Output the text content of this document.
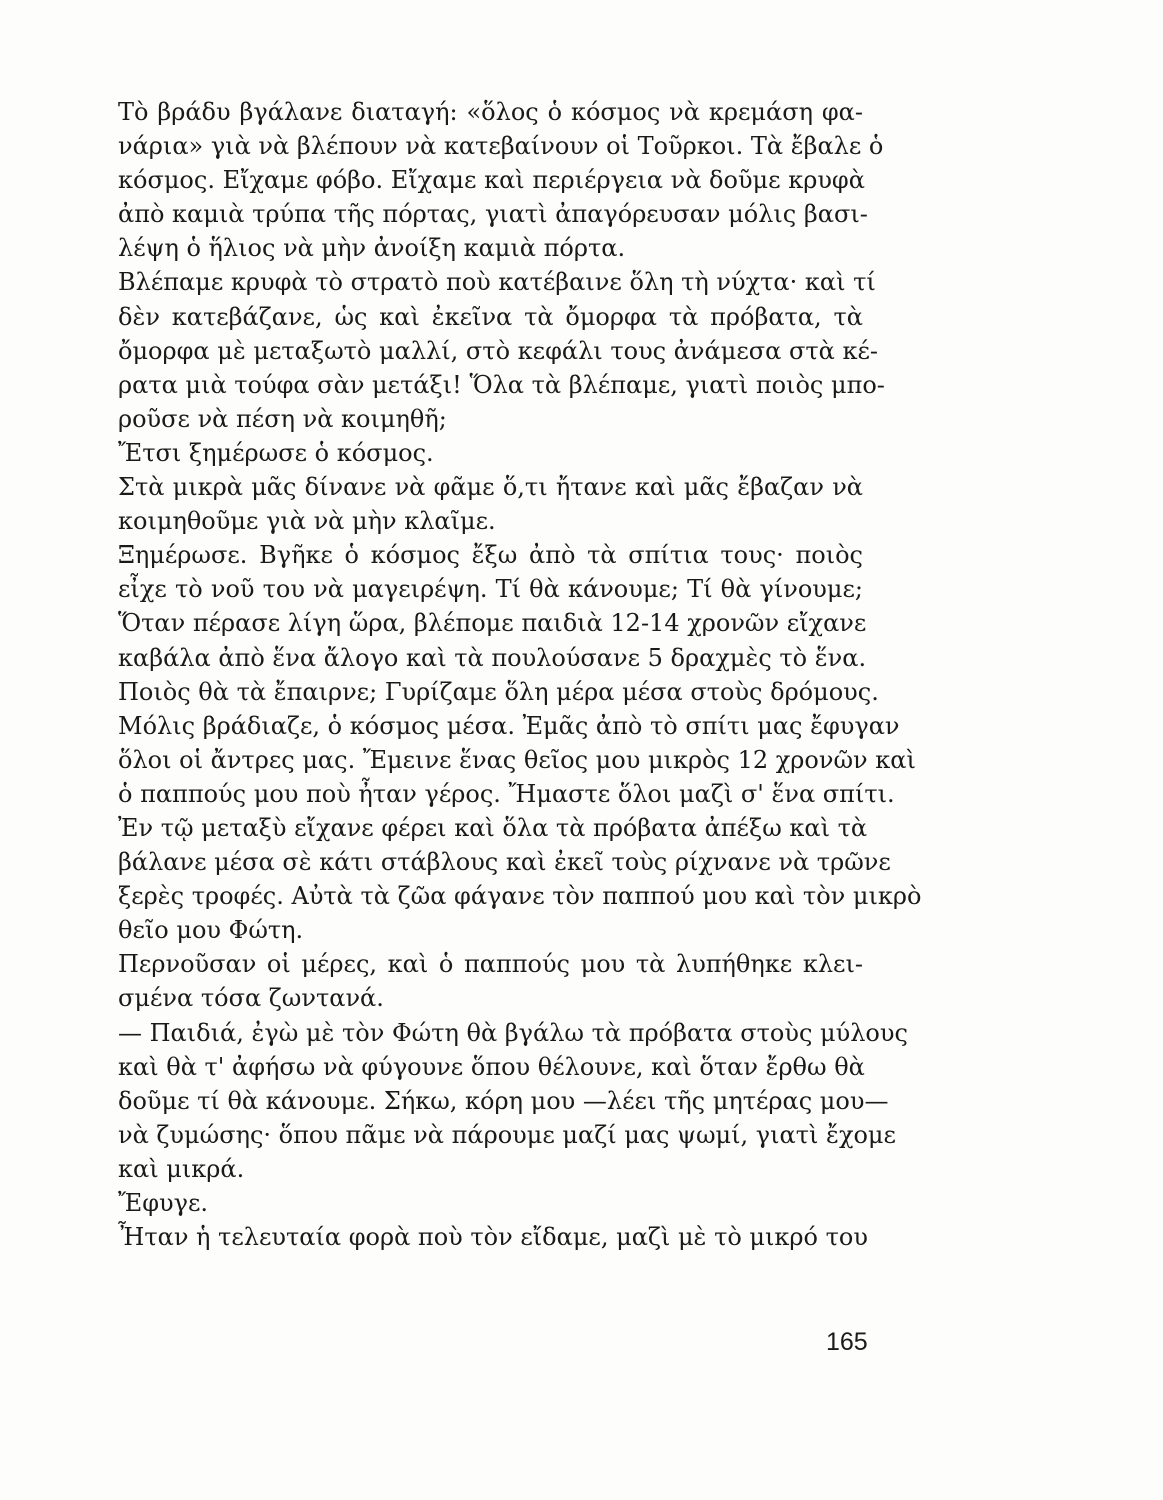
Τὸ βράδυ βγάλανε διαταγή: «ὅλος ὁ κόσμος νὰ κρεμάση φα-
νάρια» γιὰ νὰ βλέπουν νὰ κατεβαίνουν οἱ Τοῦρκοι. Τὰ ἔβαλε ὁ
κόσμος. Εἴχαμε φόβο. Εἴχαμε καὶ περιέργεια νὰ δοῦμε κρυφὰ
ἀπὸ καμιὰ τρύπα τῆς πόρτας, γιατὶ ἀπαγόρευσαν μόλις βασι-
λέψη ὁ ἥλιος νὰ μὴν ἀνοίξη καμιὰ πόρτα.
Βλέπαμε κρυφὰ τὸ στρατὸ ποὺ κατέβαινε ὅλη τὴ νύχτα· καὶ τί
δὲν κατεβάζανε, ὡς καὶ ἐκεῖνα τὰ ὄμορφα τὰ πρόβατα, τὰ
ὄμορφα μὲ μεταξωτὸ μαλλί, στὸ κεφάλι τους ἀνάμεσα στὰ κέ-
ρατα μιὰ τούφα σὰν μετάξι! Ὅλα τὰ βλέπαμε, γιατὶ ποιὸς μπο-
ροῦσε νὰ πέση νὰ κοιμηθῆ;
Ἔτσι ξημέρωσε ὁ κόσμος.
Στὰ μικρὰ μᾶς δίνανε νὰ φᾶμε ὅ,τι ἤτανε καὶ μᾶς ἔβαζαν νὰ
κοιμηθοῦμε γιὰ νὰ μὴν κλαῖμε.
Ξημέρωσε. Βγῆκε ὁ κόσμος ἔξω ἀπὸ τὰ σπίτια τους· ποιὸς
εἶχε τὸ νοῦ του νὰ μαγειρέψη. Τί θὰ κάνουμε; Τί θὰ γίνουμε;
Ὅταν πέρασε λίγη ὥρα, βλέπομε παιδιὰ 12-14 χρονῶν εἴχανε
καβάλα ἀπὸ ἕνα ἄλογο καὶ τὰ πουλούσανε 5 δραχμὲς τὸ ἕνα.
Ποιὸς θὰ τὰ ἔπαιρνε; Γυρίζαμε ὅλη μέρα μέσα στοὺς δρόμους.
Μόλις βράδιαζε, ὁ κόσμος μέσα. Ἐμᾶς ἀπὸ τὸ σπίτι μας ἔφυγαν
ὅλοι οἱ ἄντρες μας. Ἔμεινε ἕνας θεῖος μου μικρὸς 12 χρονῶν καὶ
ὁ παππούς μου ποὺ ἦταν γέρος. Ἤμαστε ὅλοι μαζὶ σ' ἕνα σπίτι.
Ἐν τῷ μεταξὺ εἴχανε φέρει καὶ ὅλα τὰ πρόβατα ἀπέξω καὶ τὰ
βάλανε μέσα σὲ κάτι στάβλους καὶ ἐκεῖ τοὺς ρίχνανε νὰ τρῶνε
ξερὲς τροφές. Αὐτὰ τὰ ζῶα φάγανε τὸν παππού μου καὶ τὸν μικρὸ
θεῖο μου Φώτη.
Περνοῦσαν οἱ μέρες, καὶ ὁ παππούς μου τὰ λυπήθηκε κλει-
σμένα τόσα ζωντανά.
— Παιδιά, ἐγὼ μὲ τὸν Φώτη θὰ βγάλω τὰ πρόβατα στοὺς μύλους
καὶ θὰ τ' ἀφήσω νὰ φύγουνε ὅπου θέλουνε, καὶ ὅταν ἔρθω θὰ
δοῦμε τί θὰ κάνουμε. Σήκω, κόρη μου —λέει τῆς μητέρας μου—
νὰ ζυμώσης· ὅπου πᾶμε νὰ πάρουμε μαζί μας ψωμί, γιατὶ ἔχομε
καὶ μικρά.
Ἔφυγε.
Ἦταν ἡ τελευταία φορὰ ποὺ τὸν εἴδαμε, μαζὶ μὲ τὸ μικρό του
165
